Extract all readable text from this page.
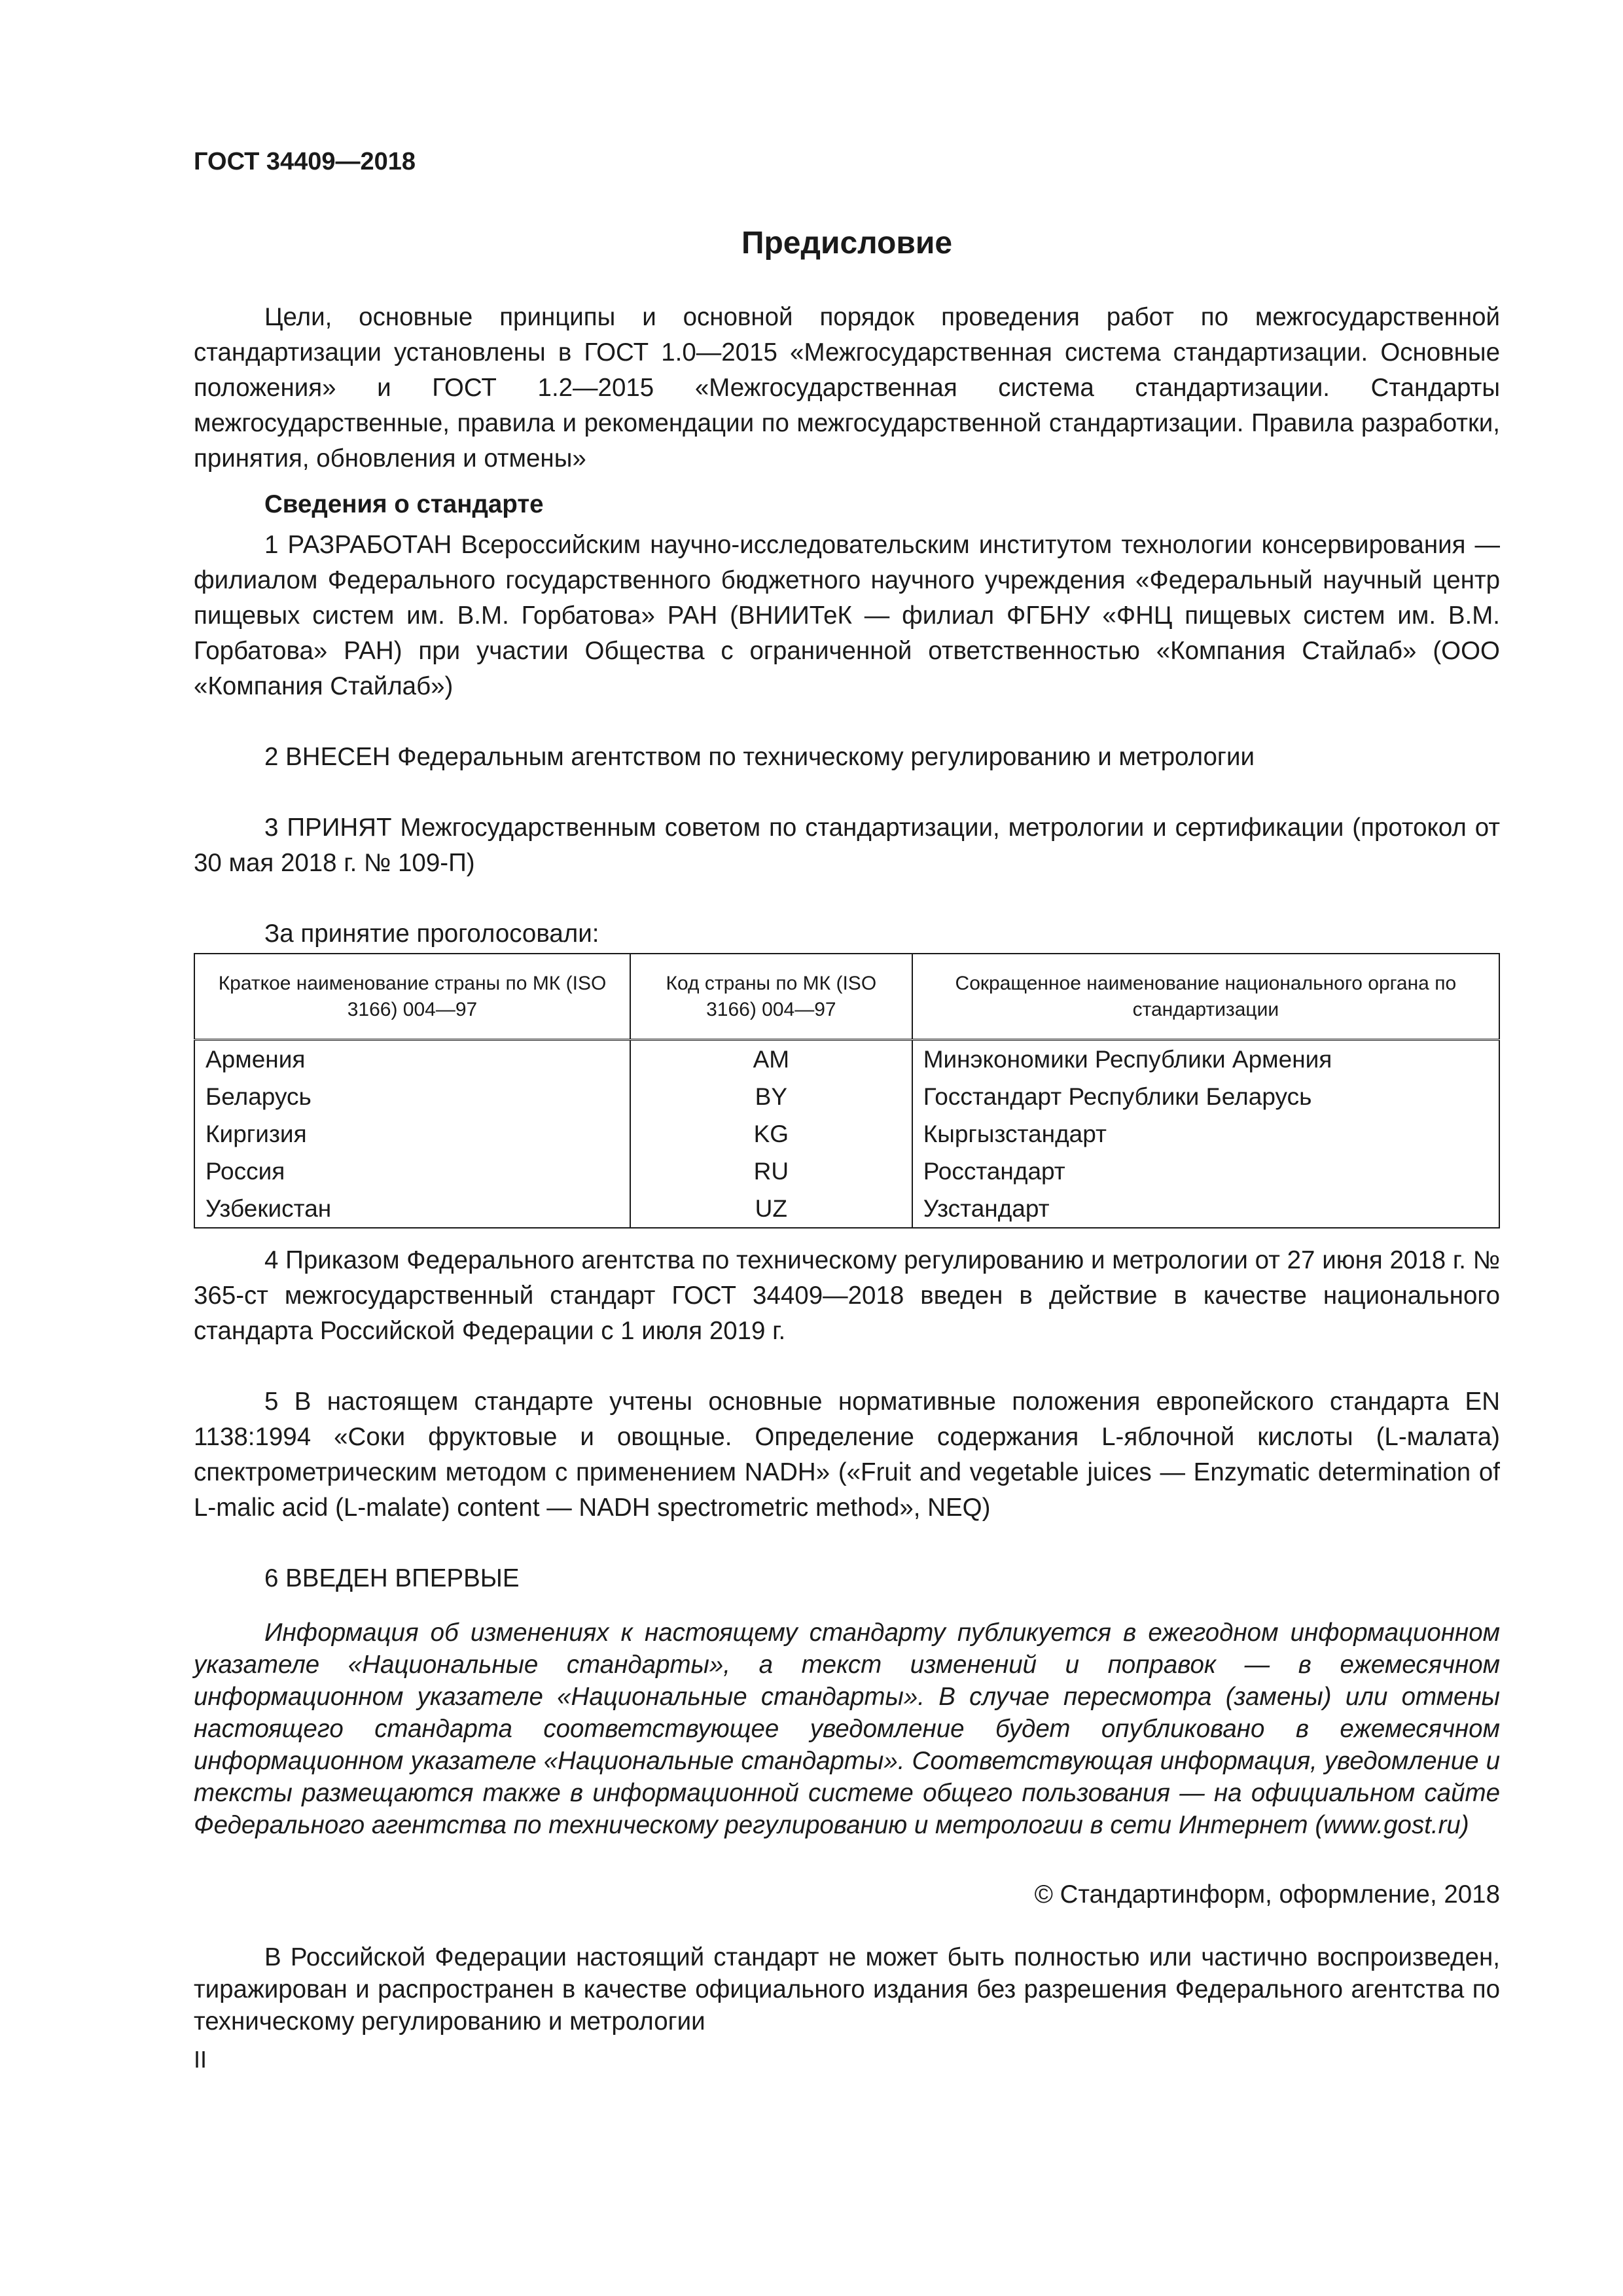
ГОСТ 34409—2018
Предисловие

Цели, основные принципы и основной порядок проведения работ по межгосударственной стандартизации установлены в ГОСТ 1.0—2015 «Межгосударственная система стандартизации. Основные положения» и ГОСТ 1.2—2015 «Межгосударственная система стандартизации. Стандарты межгосударственные, правила и рекомендации по межгосударственной стандартизации. Правила разработки, принятия, обновления и отмены»

Сведения о стандарте

1 РАЗРАБОТАН Всероссийским научно-исследовательским институтом технологии консервирования — филиалом Федерального государственного бюджетного научного учреждения «Федеральный научный центр пищевых систем им. В.М. Горбатова» РАН (ВНИИТеК — филиал ФГБНУ «ФНЦ пищевых систем им. В.М. Горбатова» РАН) при участии Общества с ограниченной ответственностью «Компания Стайлаб» (ООО «Компания Стайлаб»)

2 ВНЕСЕН Федеральным агентством по техническому регулированию и метрологии

3 ПРИНЯТ Межгосударственным советом по стандартизации, метрологии и сертификации (протокол от 30 мая 2018 г. № 109-П)

За принятие проголосовали:

Краткое наименование страны по МК (ISO 3166) 004—97	Код страны по МК (ISO 3166) 004—97	Сокращенное наименование национального органа по стандартизации
Армения	AM	Минэкономики Республики Армения
Беларусь	BY	Госстандарт Республики Беларусь
Киргизия	KG	Кыргызстандарт
Россия	RU	Росстандарт
Узбекистан	UZ	Узстандарт

4 Приказом Федерального агентства по техническому регулированию и метрологии от 27 июня 2018 г. № 365-ст межгосударственный стандарт ГОСТ 34409—2018 введен в действие в качестве национального стандарта Российской Федерации с 1 июля 2019 г.

5 В настоящем стандарте учтены основные нормативные положения европейского стандарта EN 1138:1994 «Соки фруктовые и овощные. Определение содержания L-яблочной кислоты (L-малата) спектрометрическим методом с применением NADH» («Fruit and vegetable juices — Enzymatic determination of L-malic acid (L-malate) content — NADH spectrometric method», NEQ)

6 ВВЕДЕН ВПЕРВЫЕ

Информация об изменениях к настоящему стандарту публикуется в ежегодном информационном указателе «Национальные стандарты», а текст изменений и поправок — в ежемесячном информационном указателе «Национальные стандарты». В случае пересмотра (замены) или отмены настоящего стандарта соответствующее уведомление будет опубликовано в ежемесячном информационном указателе «Национальные стандарты». Соответствующая информация, уведомление и тексты размещаются также в информационной системе общего пользования — на официальном сайте Федерального агентства по техническому регулированию и метрологии в сети Интернет (www.gost.ru)

© Стандартинформ, оформление, 2018

В Российской Федерации настоящий стандарт не может быть полностью или частично воспроизведен, тиражирован и распространен в качестве официального издания без разрешения Федерального агентства по техническому регулированию и метрологии

II
